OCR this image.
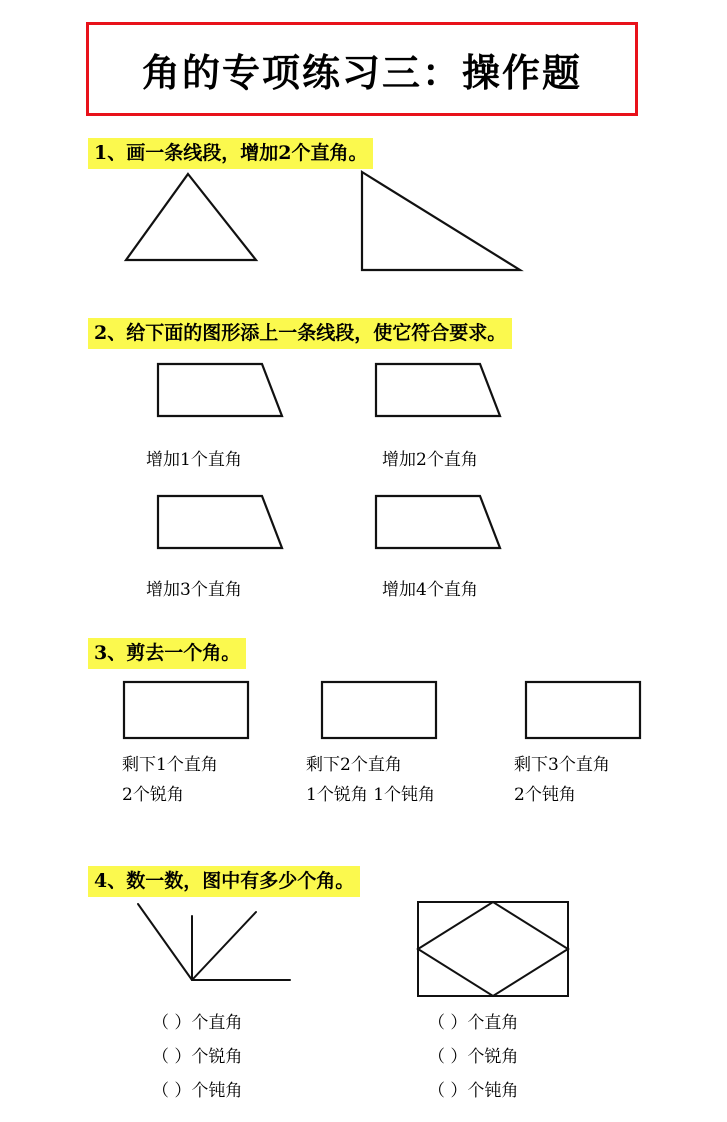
角的专项练习三：操作题
1、画一条线段，增加2个直角。
2、给下面的图形添上一条线段，使它符合要求。
增加1个直角	增加2个直角
增加3个直角	增加4个直角
3、剪去一个角。
剩下1个直角
2个锐角
剩下2个直角
1个锐角 1个钝角
剩下3个直角
2个钝角
4、数一数，图中有多少个角。
（ ）个直角
（ ）个锐角
（ ）个钝角
（ ）个直角
（ ）个锐角
（ ）个钝角
